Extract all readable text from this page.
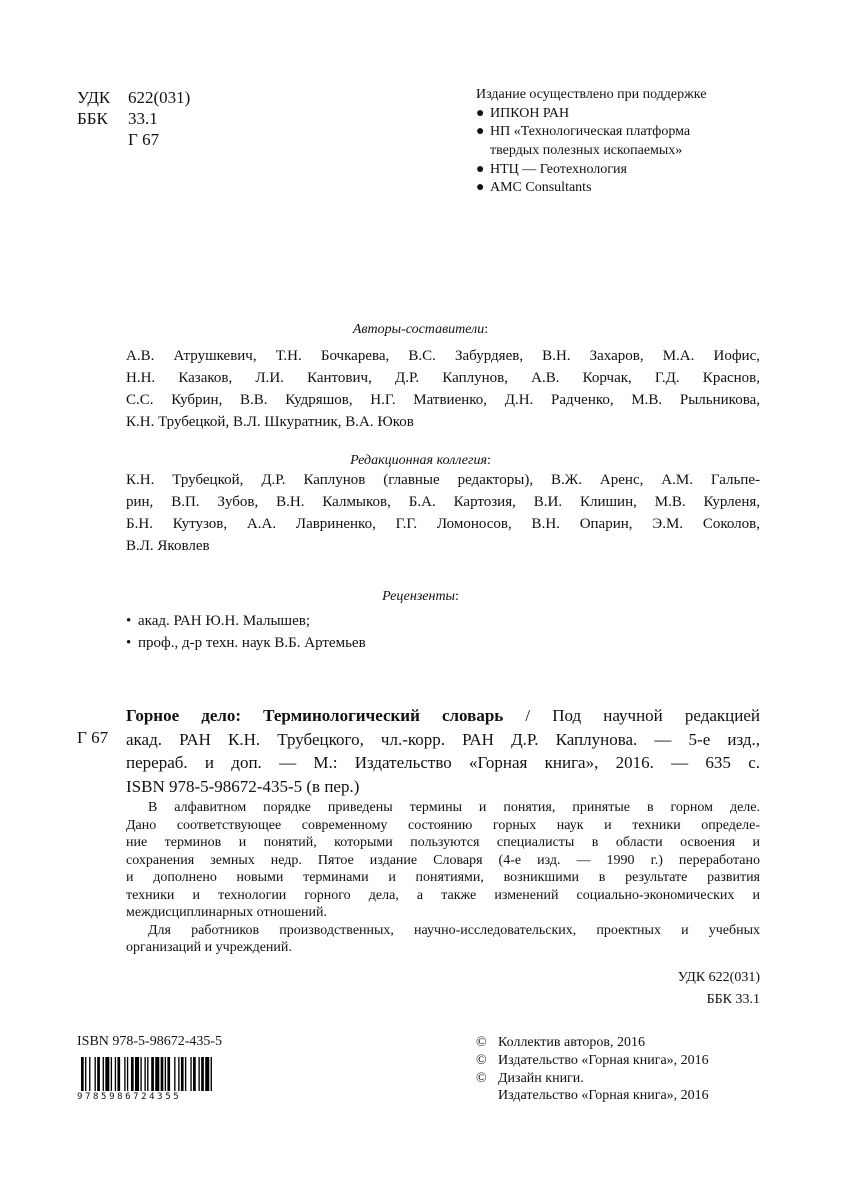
УДК 622(031)
ББК 33.1
Г 67
Издание осуществлено при поддержке
● ИПКОН РАН
● НП «Технологическая платформа
твердых полезных ископаемых»
● НТЦ — Геотехнология
● AMC Consultants
Авторы-составители:
А.В. Атрушкевич, Т.Н. Бочкарева, В.С. Забурдяев, В.Н. Захаров, М.А. Иофис,
Н.Н. Казаков, Л.И. Кантович, Д.Р. Каплунов, А.В. Корчак, Г.Д. Краснов,
С.С. Кубрин, В.В. Кудряшов, Н.Г. Матвиенко, Д.Н. Радченко, М.В. Рыльникова,
К.Н. Трубецкой, В.Л. Шкуратник, В.А. Юков
Редакционная коллегия:
К.Н. Трубецкой, Д.Р. Каплунов (главные редакторы), В.Ж. Аренс, А.М. Гальпе-
рин, В.П. Зубов, В.Н. Калмыков, Б.А. Картозия, В.И. Клишин, М.В. Курленя,
Б.Н. Кутузов, А.А. Лавриненко, Г.Г. Ломоносов, В.Н. Опарин, Э.М. Соколов,
В.Л. Яковлев
Рецензенты:
• акад. РАН Ю.Н. Малышев;
• проф., д-р техн. наук В.Б. Артемьев
Г 67
Горное дело: Терминологический словарь / Под научной редакцией
акад. РАН К.Н. Трубецкого, чл.-корр. РАН Д.Р. Каплунова. — 5-е изд.,
перераб. и доп. — М.: Издательство «Горная книга», 2016. — 635 с.
ISBN 978-5-98672-435-5 (в пер.)
В алфавитном порядке приведены термины и понятия, принятые в горном деле.
Дано соответствующее современному состоянию горных наук и техники определе-
ние терминов и понятий, которыми пользуются специалисты в области освоения и
сохранения земных недр. Пятое издание Словаря (4-е изд. — 1990 г.) переработано
и дополнено новыми терминами и понятиями, возникшими в результате развития
техники и технологии горного дела, а также изменений социально-экономических и
междисциплинарных отношений.
Для работников производственных, научно-исследовательских, проектных и учебных
организаций и учреждений.
УДК 622(031)
ББК 33.1
ISBN 978-5-98672-435-5
9785986724355
© Коллектив авторов, 2016
© Издательство «Горная книга», 2016
© Дизайн книги.
Издательство «Горная книга», 2016
